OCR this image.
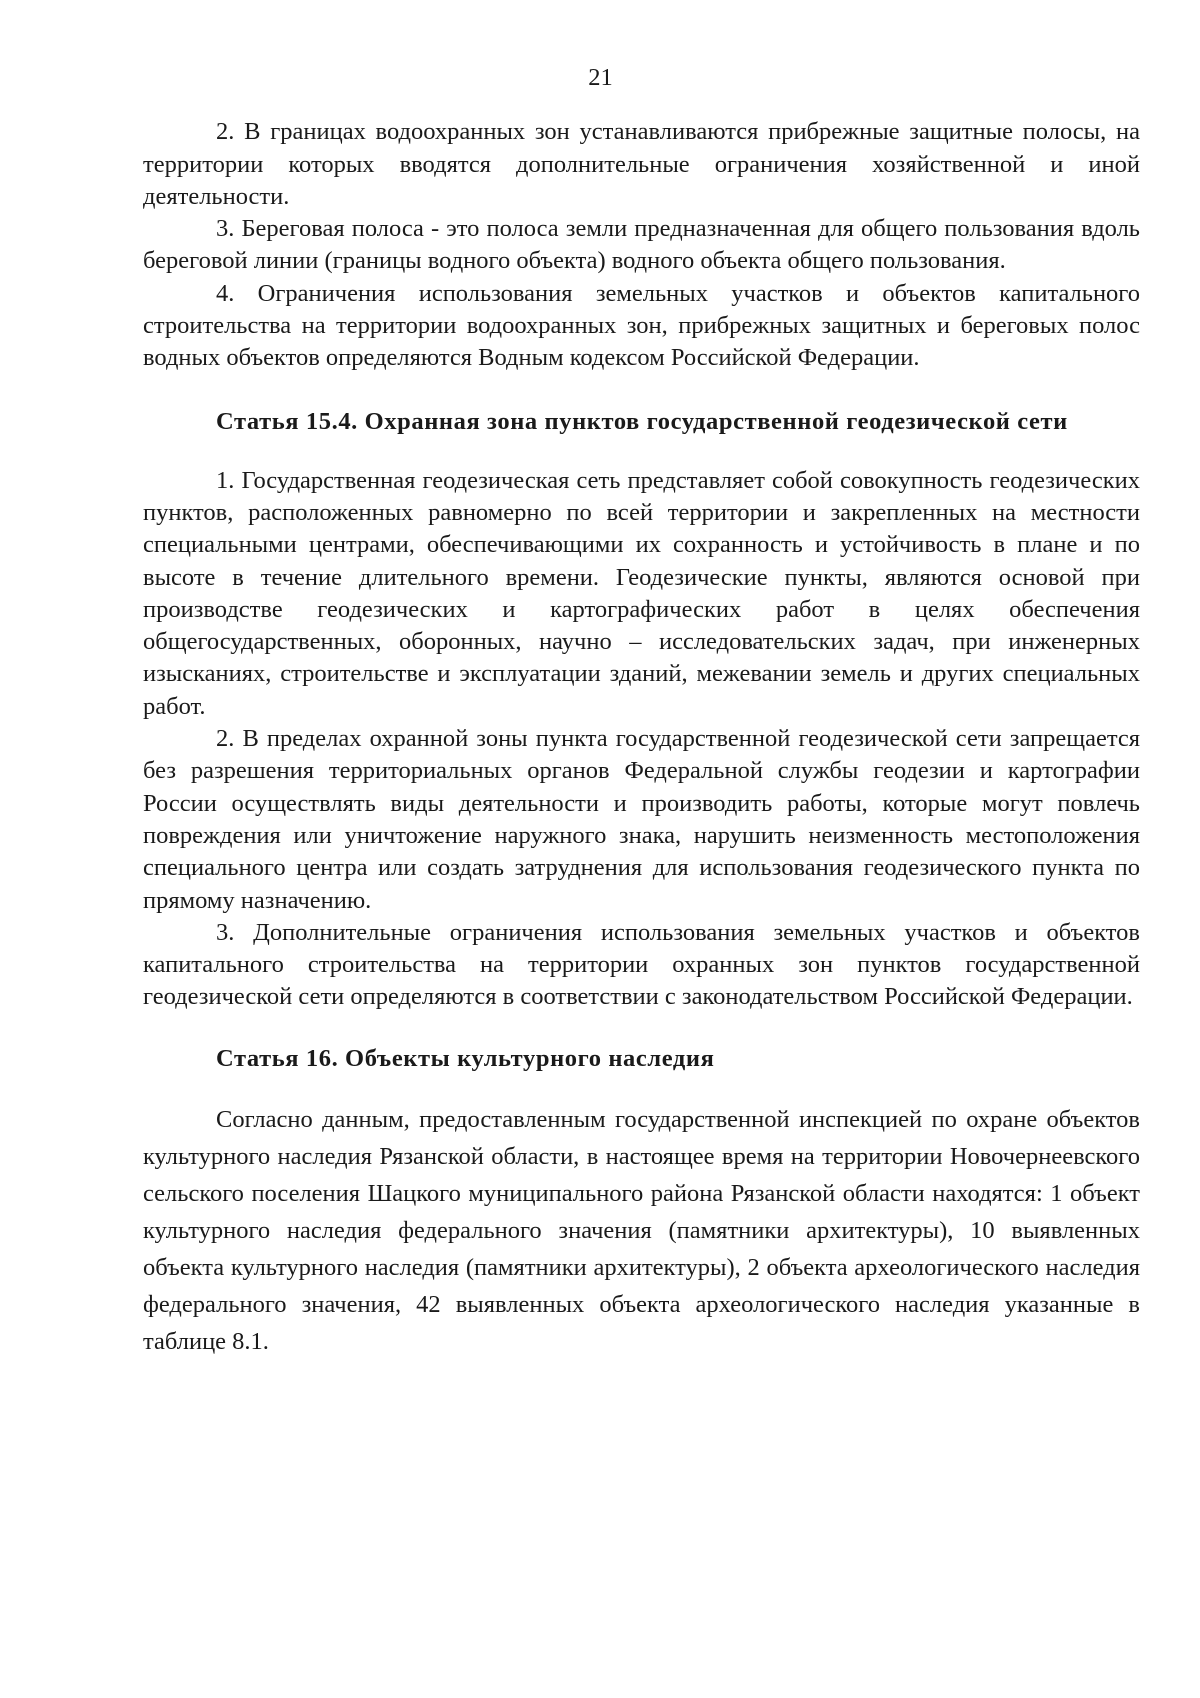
21

2. В границах водоохранных зон устанавливаются прибрежные защитные полосы, на территории которых вводятся дополнительные ограничения хозяйственной и иной деятельности.

3. Береговая полоса - это полоса земли предназначенная для общего пользования вдоль береговой линии (границы водного объекта) водного объекта общего пользования.

4. Ограничения использования земельных участков и объектов капитального строительства на территории водоохранных зон, прибрежных защитных и береговых полос водных объектов определяются Водным кодексом Российской Федерации.

Статья 15.4. Охранная зона пунктов государственной геодезической сети

1. Государственная геодезическая сеть представляет собой совокупность геодезических пунктов, расположенных равномерно по всей территории и закрепленных на местности специальными центрами, обеспечивающими их сохранность и устойчивость в плане и по высоте в течение длительного времени. Геодезические пункты, являются основой при производстве геодезических и картографических работ в целях обеспечения общегосударственных, оборонных, научно – исследовательских задач, при инженерных изысканиях, строительстве и эксплуатации зданий, межевании земель и других специальных работ.

2. В пределах охранной зоны пункта государственной геодезической сети запрещается без разрешения территориальных органов Федеральной службы геодезии и картографии России осуществлять виды деятельности и производить работы, которые могут повлечь повреждения или уничтожение наружного знака, нарушить неизменность местоположения специального центра или создать затруднения для использования геодезического пункта по прямому назначению.

3. Дополнительные ограничения использования земельных участков и объектов капитального строительства на территории охранных зон пунктов государственной геодезической сети определяются в соответствии с законодательством Российской Федерации.

Статья 16. Объекты культурного наследия

Согласно данным, предоставленным государственной инспекцией по охране объектов культурного наследия Рязанской области, в настоящее время на территории Новочернеевского сельского поселения Шацкого муниципального района Рязанской области находятся: 1 объект культурного наследия федерального значения (памятники архитектуры), 10 выявленных объекта культурного наследия (памятники архитектуры), 2 объекта археологического наследия федерального значения, 42 выявленных объекта археологического наследия указанные в таблице 8.1.
